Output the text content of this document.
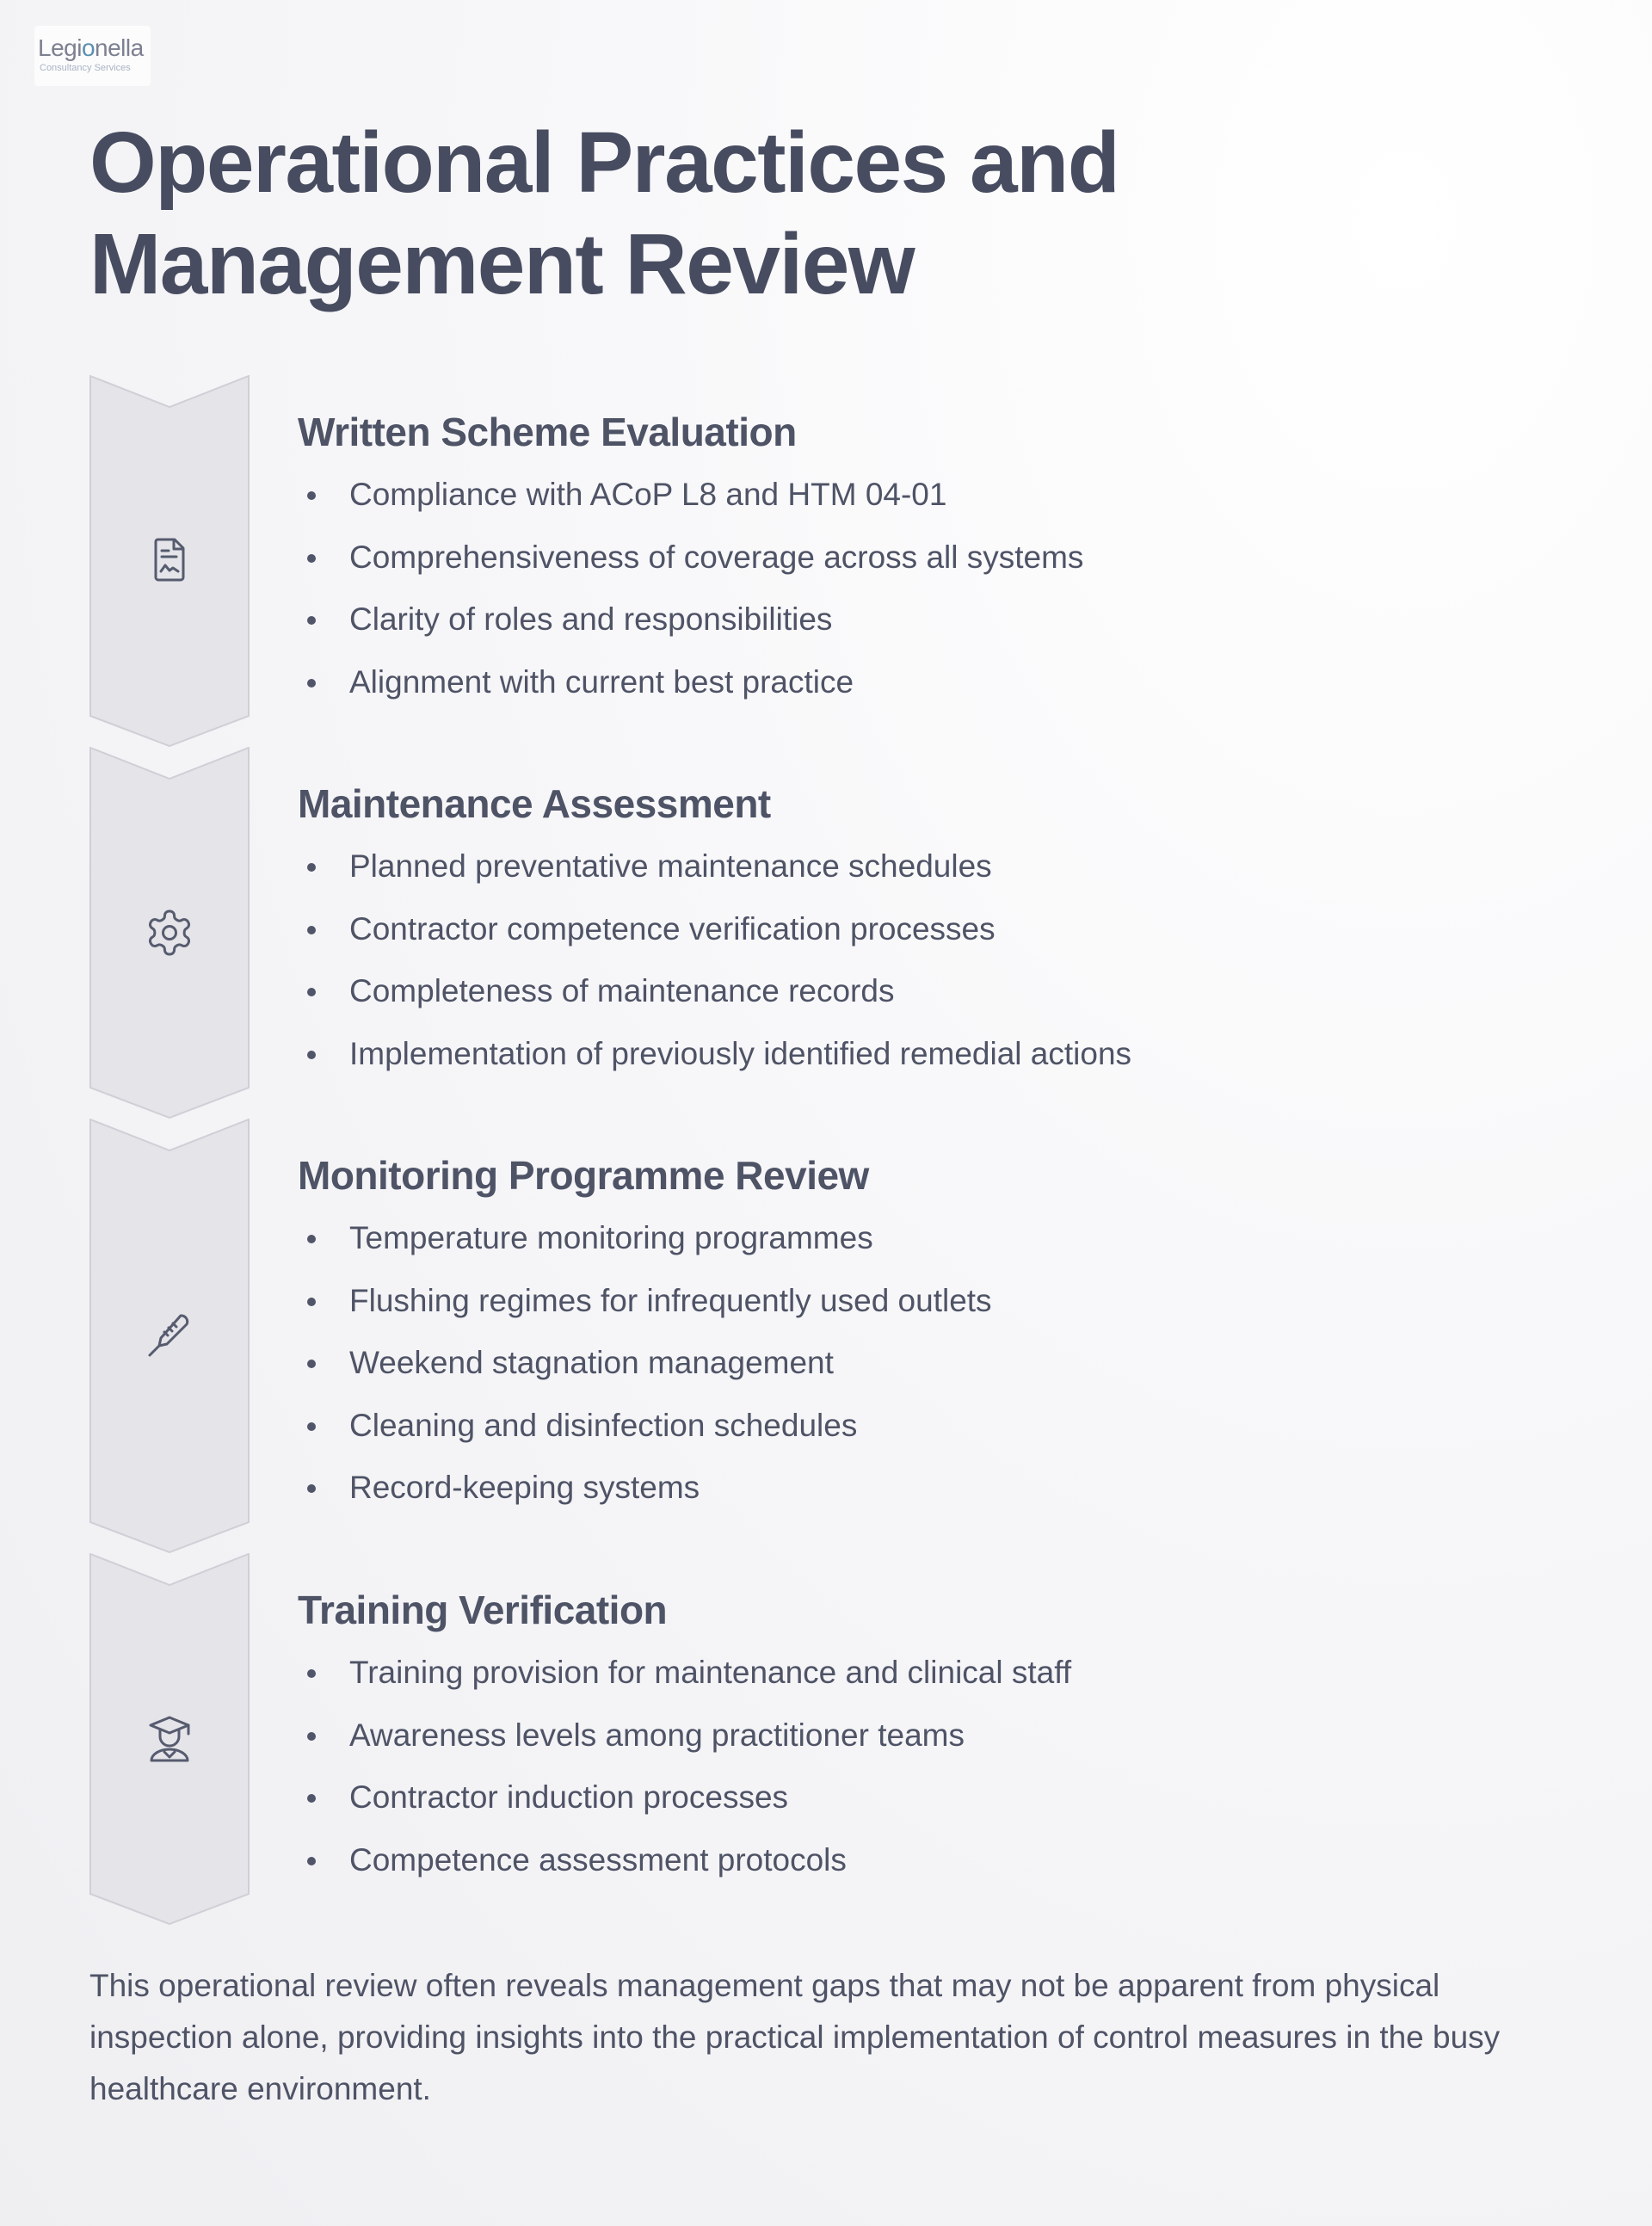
Legionella
Consultancy Services
Operational Practices and Management Review
Written Scheme Evaluation
Compliance with ACoP L8 and HTM 04-01
Comprehensiveness of coverage across all systems
Clarity of roles and responsibilities
Alignment with current best practice
Maintenance Assessment
Planned preventative maintenance schedules
Contractor competence verification processes
Completeness of maintenance records
Implementation of previously identified remedial actions
Monitoring Programme Review
Temperature monitoring programmes
Flushing regimes for infrequently used outlets
Weekend stagnation management
Cleaning and disinfection schedules
Record-keeping systems
Training Verification
Training provision for maintenance and clinical staff
Awareness levels among practitioner teams
Contractor induction processes
Competence assessment protocols

This operational review often reveals management gaps that may not be apparent from physical inspection alone, providing insights into the practical implementation of control measures in the busy healthcare environment.
